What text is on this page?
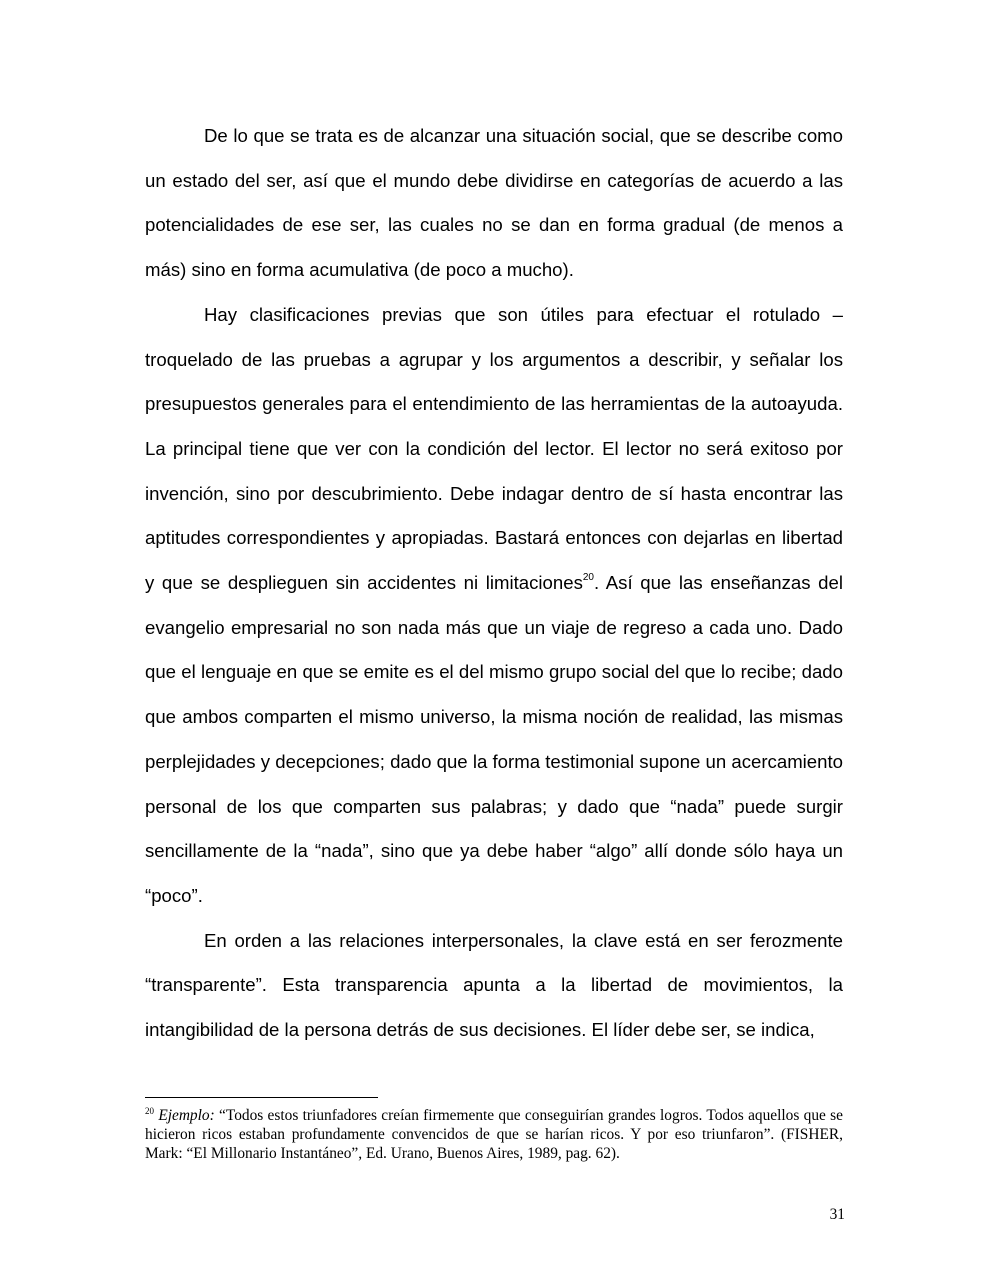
De lo que se trata es de alcanzar una situación social, que se describe como un estado del ser, así que el mundo debe dividirse en categorías de acuerdo a las potencialidades de ese ser, las cuales no se dan en forma gradual (de menos a más) sino en forma acumulativa (de poco a mucho).

Hay clasificaciones previas que son útiles para efectuar el rotulado – troquelado de las pruebas a agrupar y los argumentos a describir, y señalar los presupuestos generales para el entendimiento de las herramientas de la autoayuda. La principal tiene que ver con la condición del lector. El lector no será exitoso por invención, sino por descubrimiento. Debe indagar dentro de sí hasta encontrar las aptitudes correspondientes y apropiadas. Bastará entonces con dejarlas en libertad y que se desplieguen sin accidentes ni limitaciones$^{20}$. Así que las enseñanzas del evangelio empresarial no son nada más que un viaje de regreso a cada uno. Dado que el lenguaje en que se emite es el del mismo grupo social del que lo recibe; dado que ambos comparten el mismo universo, la misma noción de realidad, las mismas perplejidades y decepciones; dado que la forma testimonial supone un acercamiento personal de los que comparten sus palabras; y dado que “nada” puede surgir sencillamente de la “nada”, sino que ya debe haber “algo” allí donde sólo haya un “poco”.

En orden a las relaciones interpersonales, la clave está en ser ferozmente “transparente”. Esta transparencia apunta a la libertad de movimientos, la intangibilidad de la persona detrás de sus decisiones. El líder debe ser, se indica,

$^{20}$ Ejemplo: “Todos estos triunfadores creían firmemente que conseguirían grandes logros. Todos aquellos que se hicieron ricos estaban profundamente convencidos de que se harían ricos. Y por eso triunfaron”. (FISHER, Mark: “El Millonario Instantáneo”, Ed. Urano, Buenos Aires, 1989, pag. 62).

31
